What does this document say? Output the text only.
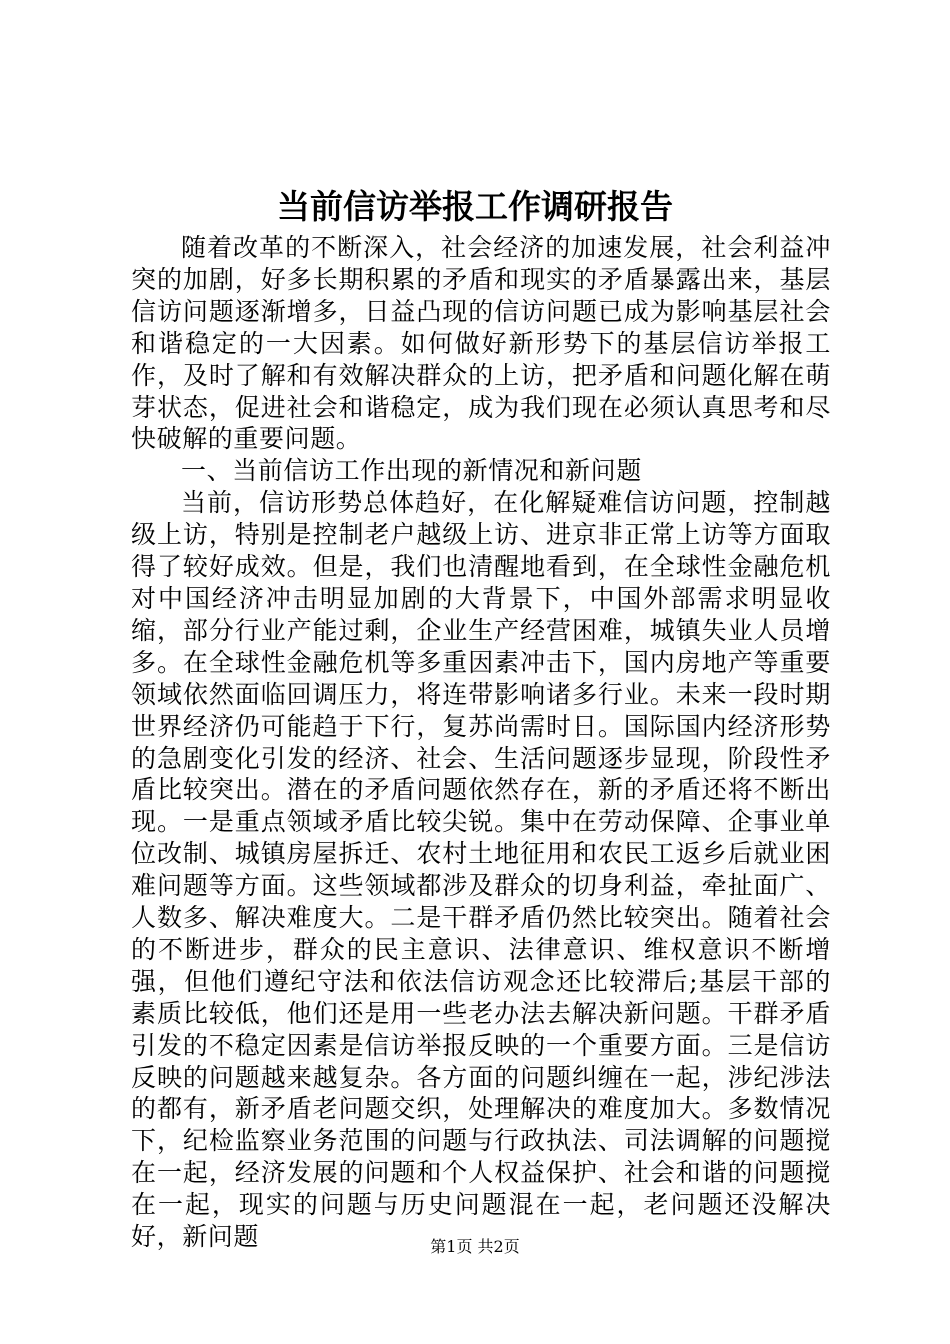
当前信访举报工作调研报告

随着改革的不断深入，社会经济的加速发展，社会利益冲突的加剧，好多长期积累的矛盾和现实的矛盾暴露出来，基层信访问题逐渐增多，日益凸现的信访问题已成为影响基层社会和谐稳定的一大因素。如何做好新形势下的基层信访举报工作，及时了解和有效解决群众的上访，把矛盾和问题化解在萌芽状态，促进社会和谐稳定，成为我们现在必须认真思考和尽快破解的重要问题。

一、当前信访工作出现的新情况和新问题

当前，信访形势总体趋好，在化解疑难信访问题，控制越级上访，特别是控制老户越级上访、进京非正常上访等方面取得了较好成效。但是，我们也清醒地看到，在全球性金融危机对中国经济冲击明显加剧的大背景下，中国外部需求明显收缩，部分行业产能过剩，企业生产经营困难，城镇失业人员增多。在全球性金融危机等多重因素冲击下，国内房地产等重要领域依然面临回调压力，将连带影响诸多行业。未来一段时期世界经济仍可能趋于下行，复苏尚需时日。国际国内经济形势的急剧变化引发的经济、社会、生活问题逐步显现，阶段性矛盾比较突出。潜在的矛盾问题依然存在，新的矛盾还将不断出现。一是重点领域矛盾比较尖锐。集中在劳动保障、企事业单位改制、城镇房屋拆迁、农村土地征用和农民工返乡后就业困难问题等方面。这些领域都涉及群众的切身利益，牵扯面广、人数多、解决难度大。二是干群矛盾仍然比较突出。随着社会的不断进步，群众的民主意识、法律意识、维权意识不断增强，但他们遵纪守法和依法信访观念还比较滞后;基层干部的素质比较低，他们还是用一些老办法去解决新问题。干群矛盾引发的不稳定因素是信访举报反映的一个重要方面。三是信访反映的问题越来越复杂。各方面的问题纠缠在一起，涉纪涉法的都有，新矛盾老问题交织，处理解决的难度加大。多数情况下，纪检监察业务范围的问题与行政执法、司法调解的问题搅在一起，经济发展的问题和个人权益保护、社会和谐的问题搅在一起，现实的问题与历史问题混在一起，老问题还没解决好，新问题	第1页 共2页
